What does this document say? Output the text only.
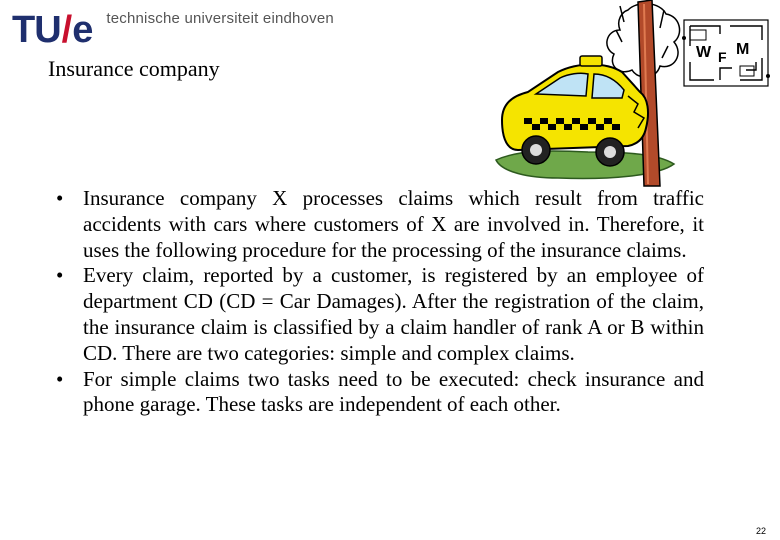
TU/e technische universiteit eindhoven
Insurance company
W F M
• Insurance company X processes claims which result from traffic accidents with cars where customers of X are involved in. Therefore, it uses the following procedure for the processing of the insurance claims.
• Every claim, reported by a customer, is registered by an employee of department CD (CD = Car Damages). After the registration of the claim, the insurance claim is classified by a claim handler of rank A or B within CD. There are two categories: simple and complex claims.
• For simple claims two tasks need to be executed: check insurance and phone garage. These tasks are independent of each other.
22
